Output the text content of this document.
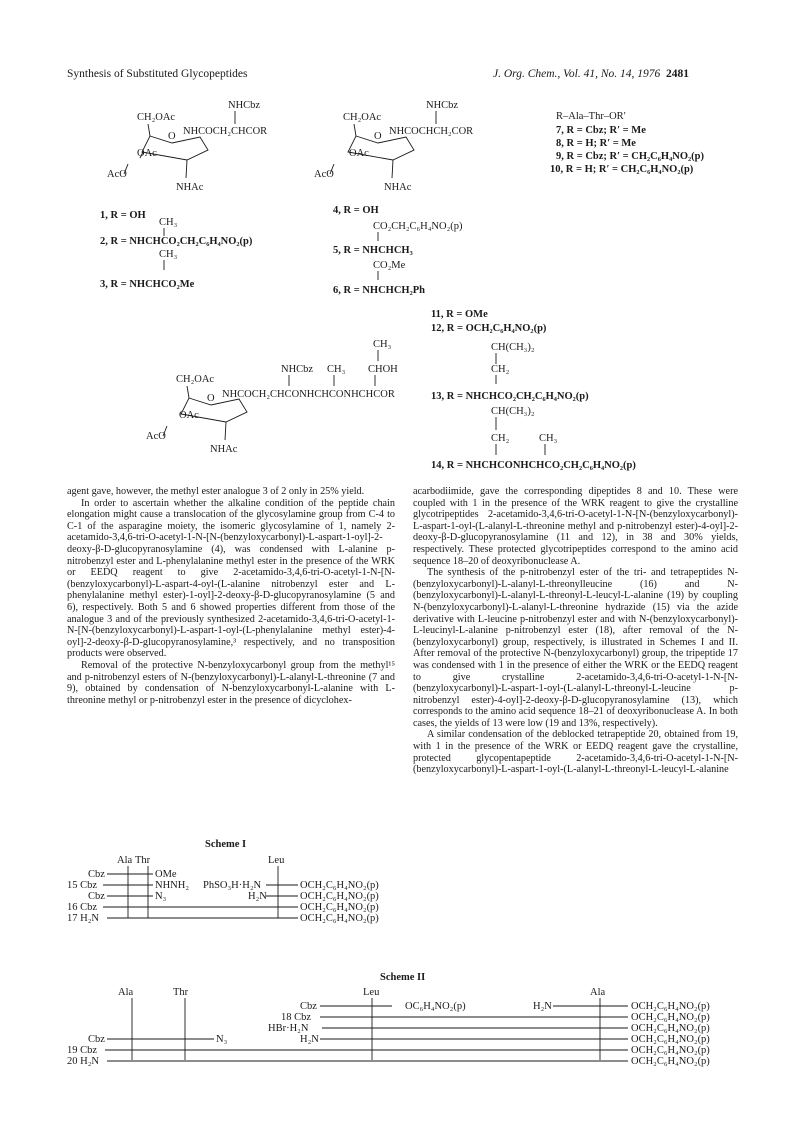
Synthesis of Substituted Glycopeptides	J. Org. Chem., Vol. 41, No. 14, 1976 2481
NHCbz
CH₂OAc
O NHCOCH₂CHCOR
OAc
AcO
NHAc
1, R = OH
CH₃
2, R = NHCHCO₂CH₂C₆H₄NO₂(p)
CH₃
3, R = NHCHCO₂Me
NHCbz
CH₂OAc
O NHCOCHCH₂COR
OAc
AcO
NHAc
4, R = OH
CO₂CH₂C₆H₄NO₂(p)
5, R = NHCHCH₃
CO₂Me
6, R = NHCHCH₂Ph
R–Ala–Thr–OR′
7, R = Cbz; R′ = Me
8, R = H; R′ = Me
9, R = Cbz; R′ = CH₂C₆H₄NO₂(p)
10, R = H; R′ = CH₂C₆H₄NO₂(p)
11, R = OMe
12, R = OCH₂C₆H₄NO₂(p)
CH(CH₃)₂
CH₃
NHCbz CH₃ CHOH	CH₂
CH₂OAc
O NHCOCH₂CHCONHCHCONHCHCOR	13, R = NHCHCO₂CH₂C₆H₄NO₂(p)
CH(CH₃)₂
OAc
AcO	CH₂	CH₃
NHAc
14, R = NHCHCONHCHCO₂CH₂C₆H₄NO₂(p)
Scheme I
Ala Thr	Leu
Cbz	OMe
15 Cbz	NHNH₂ PhSO₃H·H₂N	OCH₂C₆H₄NO₂(p)
Cbz	N₃	H₂N	OCH₂C₆H₄NO₂(p)
16 Cbz	OCH₂C₆H₄NO₂(p)
17 H₂N	OCH₂C₆H₄NO₂(p)
Scheme II
Ala	Thr	Leu	Ala
Cbz	OC₆H₄NO₂(p)	H₂N	OCH₂C₆H₄NO₂(p)
18 Cbz	OCH₂C₆H₄NO₂(p)
HBr·H₂N	OCH₂C₆H₄NO₂(p)
Cbz	N₃	H₂N	OCH₂C₆H₄NO₂(p)
19 Cbz	OCH₂C₆H₄NO₂(p)
20 H₂N	OCH₂C₆H₄NO₂(p)

agent gave, however, the methyl ester analogue 3 of 2 only in 25% yield.

In order to ascertain whether the alkaline condition of the peptide chain elongation might cause a translocation of the glycosylamine group from C-4 to C-1 of the asparagine moiety, the isomeric glycosylamine of 1, namely 2-acetamido-3,4,6-tri-O-acetyl-1-N-[N-(benzyloxycarbonyl)-L-aspart-1-oyl]-2-deoxy-β-D-glucopyranosylamine (4), was condensed with L-alanine p-nitrobenzyl ester and L-phenylalanine methyl ester in the presence of the WRK or EEDQ reagent to give 2-acetamido-3,4,6-tri-O-acetyl-1-N-[N-(benzyloxycarbonyl)-L-aspart-4-oyl-(L-alanine nitrobenzyl ester and L-phenylalanine methyl ester)-1-oyl]-2-deoxy-β-D-glucopyranosylamine (5 and 6), respectively. Both 5 and 6 showed properties different from those of the analogue 3 and of the previously synthesized 2-acetamido-3,4,6-tri-O-acetyl-1-N-[N-(benzyloxycarbonyl)-L-aspart-1-oyl-(L-phenylalanine methyl ester)-4-oyl]-2-deoxy-β-D-glucopyranosylamine,³ respectively, and no transposition products were observed.

Removal of the protective N-benzyloxycarbonyl group from the methyl¹⁵ and p-nitrobenzyl esters of N-(benzyloxycarbonyl)-L-alanyl-L-threonine (7 and 9), obtained by condensation of N-benzyloxycarbonyl-L-alanine with L-threonine methyl or p-nitrobenzyl ester in the presence of dicyclohex-

acarbodiimide, gave the corresponding dipeptides 8 and 10. These were coupled with 1 in the presence of the WRK reagent to give the crystalline glycotripeptides 2-acetamido-3,4,6-tri-O-acetyl-1-N-[N-(benzyloxycarbonyl)-L-aspart-1-oyl-(L-alanyl-L-threonine methyl and p-nitrobenzyl ester)-4-oyl]-2-deoxy-β-D-glucopyranosylamine (11 and 12), in 38 and 30% yields, respectively. These protected glycotripeptides correspond to the amino acid sequence 18–20 of deoxyribonuclease A.

The synthesis of the p-nitrobenzyl ester of the tri- and tetrapeptides N-(benzyloxycarbonyl)-L-alanyl-L-threonylleucine (16) and N-(benzyloxycarbonyl)-L-alanyl-L-threonyl-L-leucyl-L-alanine (19) by coupling N-(benzyloxycarbonyl)-L-alanyl-L-threonine hydrazide (15) via the azide derivative with L-leucine p-nitrobenzyl ester and with N-(benzyloxycarbonyl)-L-leucinyl-L-alanine p-nitrobenzyl ester (18), after removal of the N-(benzyloxycarbonyl) group, respectively, is illustrated in Schemes I and II. After removal of the protective N-(benzyloxycarbonyl) group, the tripeptide 17 was condensed with 1 in the presence of either the WRK or the EEDQ reagent to give crystalline 2-acetamido-3,4,6-tri-O-acetyl-1-N-[N-(benzyloxycarbonyl)-L-aspart-1-oyl-(L-alanyl-L-threonyl-L-leucine p-nitrobenzyl ester)-4-oyl]-2-deoxy-β-D-glucopyranosylamine (13), which corresponds to the amino acid sequence 18–21 of deoxyribonuclease A. In both cases, the yields of 13 were low (19 and 13%, respectively).

A similar condensation of the deblocked tetrapeptide 20, obtained from 19, with 1 in the presence of the WRK or EEDQ reagent gave the crystalline, protected glycopentapeptide 2-acetamido-3,4,6-tri-O-acetyl-1-N-[N-(benzyloxycarbonyl)-L-aspart-1-oyl-(L-alanyl-L-threonyl-L-leucyl-L-alanine
